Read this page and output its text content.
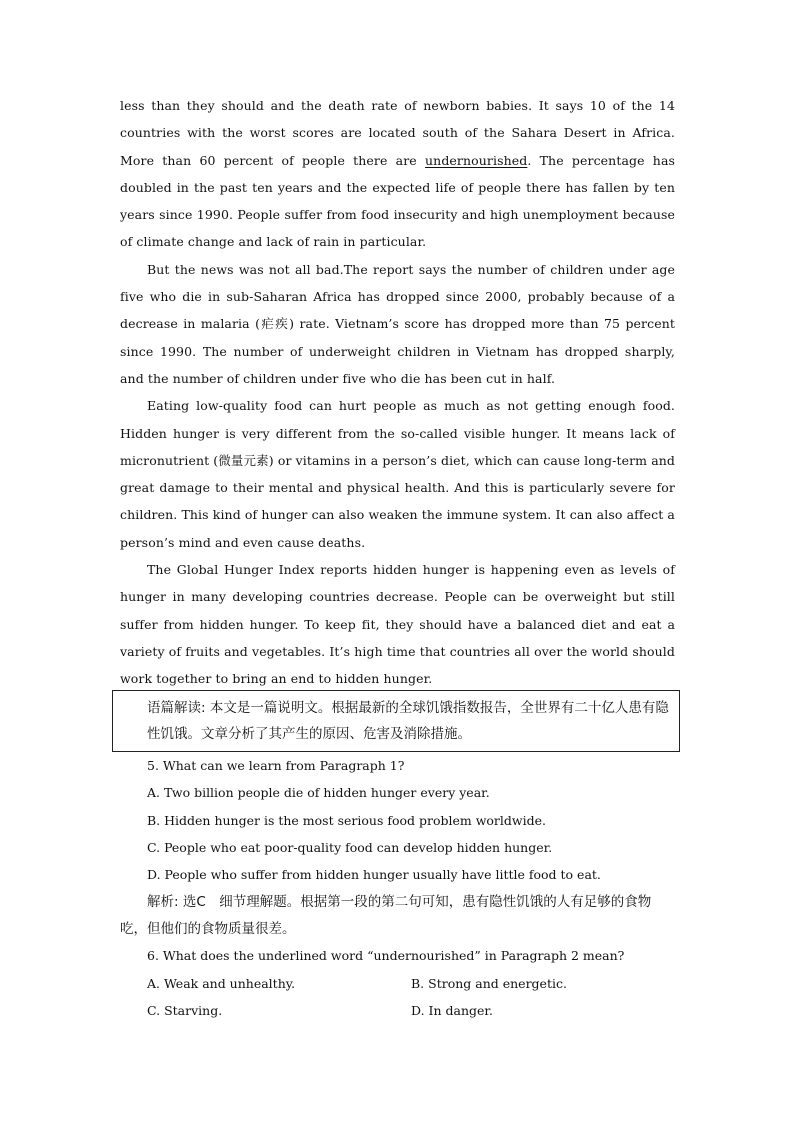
less than they should and the death rate of newborn babies. It says 10 of the 14 countries with the worst scores are located south of the Sahara Desert in Africa. More than 60 percent of people there are undernourished. The percentage has doubled in the past ten years and the expected life of people there has fallen by ten years since 1990. People suffer from food insecurity and high unemployment because of climate change and lack of rain in particular.

But the news was not all bad.The report says the number of children under age five who die in sub-Saharan Africa has dropped since 2000, probably because of a decrease in malaria (疟疾) rate. Vietnam’s score has dropped more than 75 percent since 1990. The number of underweight children in Vietnam has dropped sharply, and the number of children under five who die has been cut in half.

Eating low-quality food can hurt people as much as not getting enough food. Hidden hunger is very different from the so-called visible hunger. It means lack of micronutrient (微量元素) or vitamins in a person’s diet, which can cause long-term and great damage to their mental and physical health. And this is particularly severe for children. This kind of hunger can also weaken the immune system. It can also affect a person’s mind and even cause deaths.

The Global Hunger Index reports hidden hunger is happening even as levels of hunger in many developing countries decrease. People can be overweight but still suffer from hidden hunger. To keep fit, they should have a balanced diet and eat a variety of fruits and vegetables. It’s high time that countries all over the world should work together to bring an end to hidden hunger.

语篇解读: 本文是一篇说明文。根据最新的全球饥饿指数报告，全世界有二十亿人患有隐性饥饿。文章分析了其产生的原因、危害及消除措施。
5. What can we learn from Paragraph 1?
A. Two billion people die of hidden hunger every year.
B. Hidden hunger is the most serious food problem worldwide.
C. People who eat poor-quality food can develop hidden hunger.
D. People who suffer from hidden hunger usually have little food to eat.
解析: 选C　细节理解题。根据第一段的第二句可知，患有隐性饥饿的人有足够的食物吃，但他们的食物质量很差。
6. What does the underlined word “undernourished” in Paragraph 2 mean?
A. Weak and unhealthy.	B. Strong and energetic.
C. Starving.	D. In danger.
